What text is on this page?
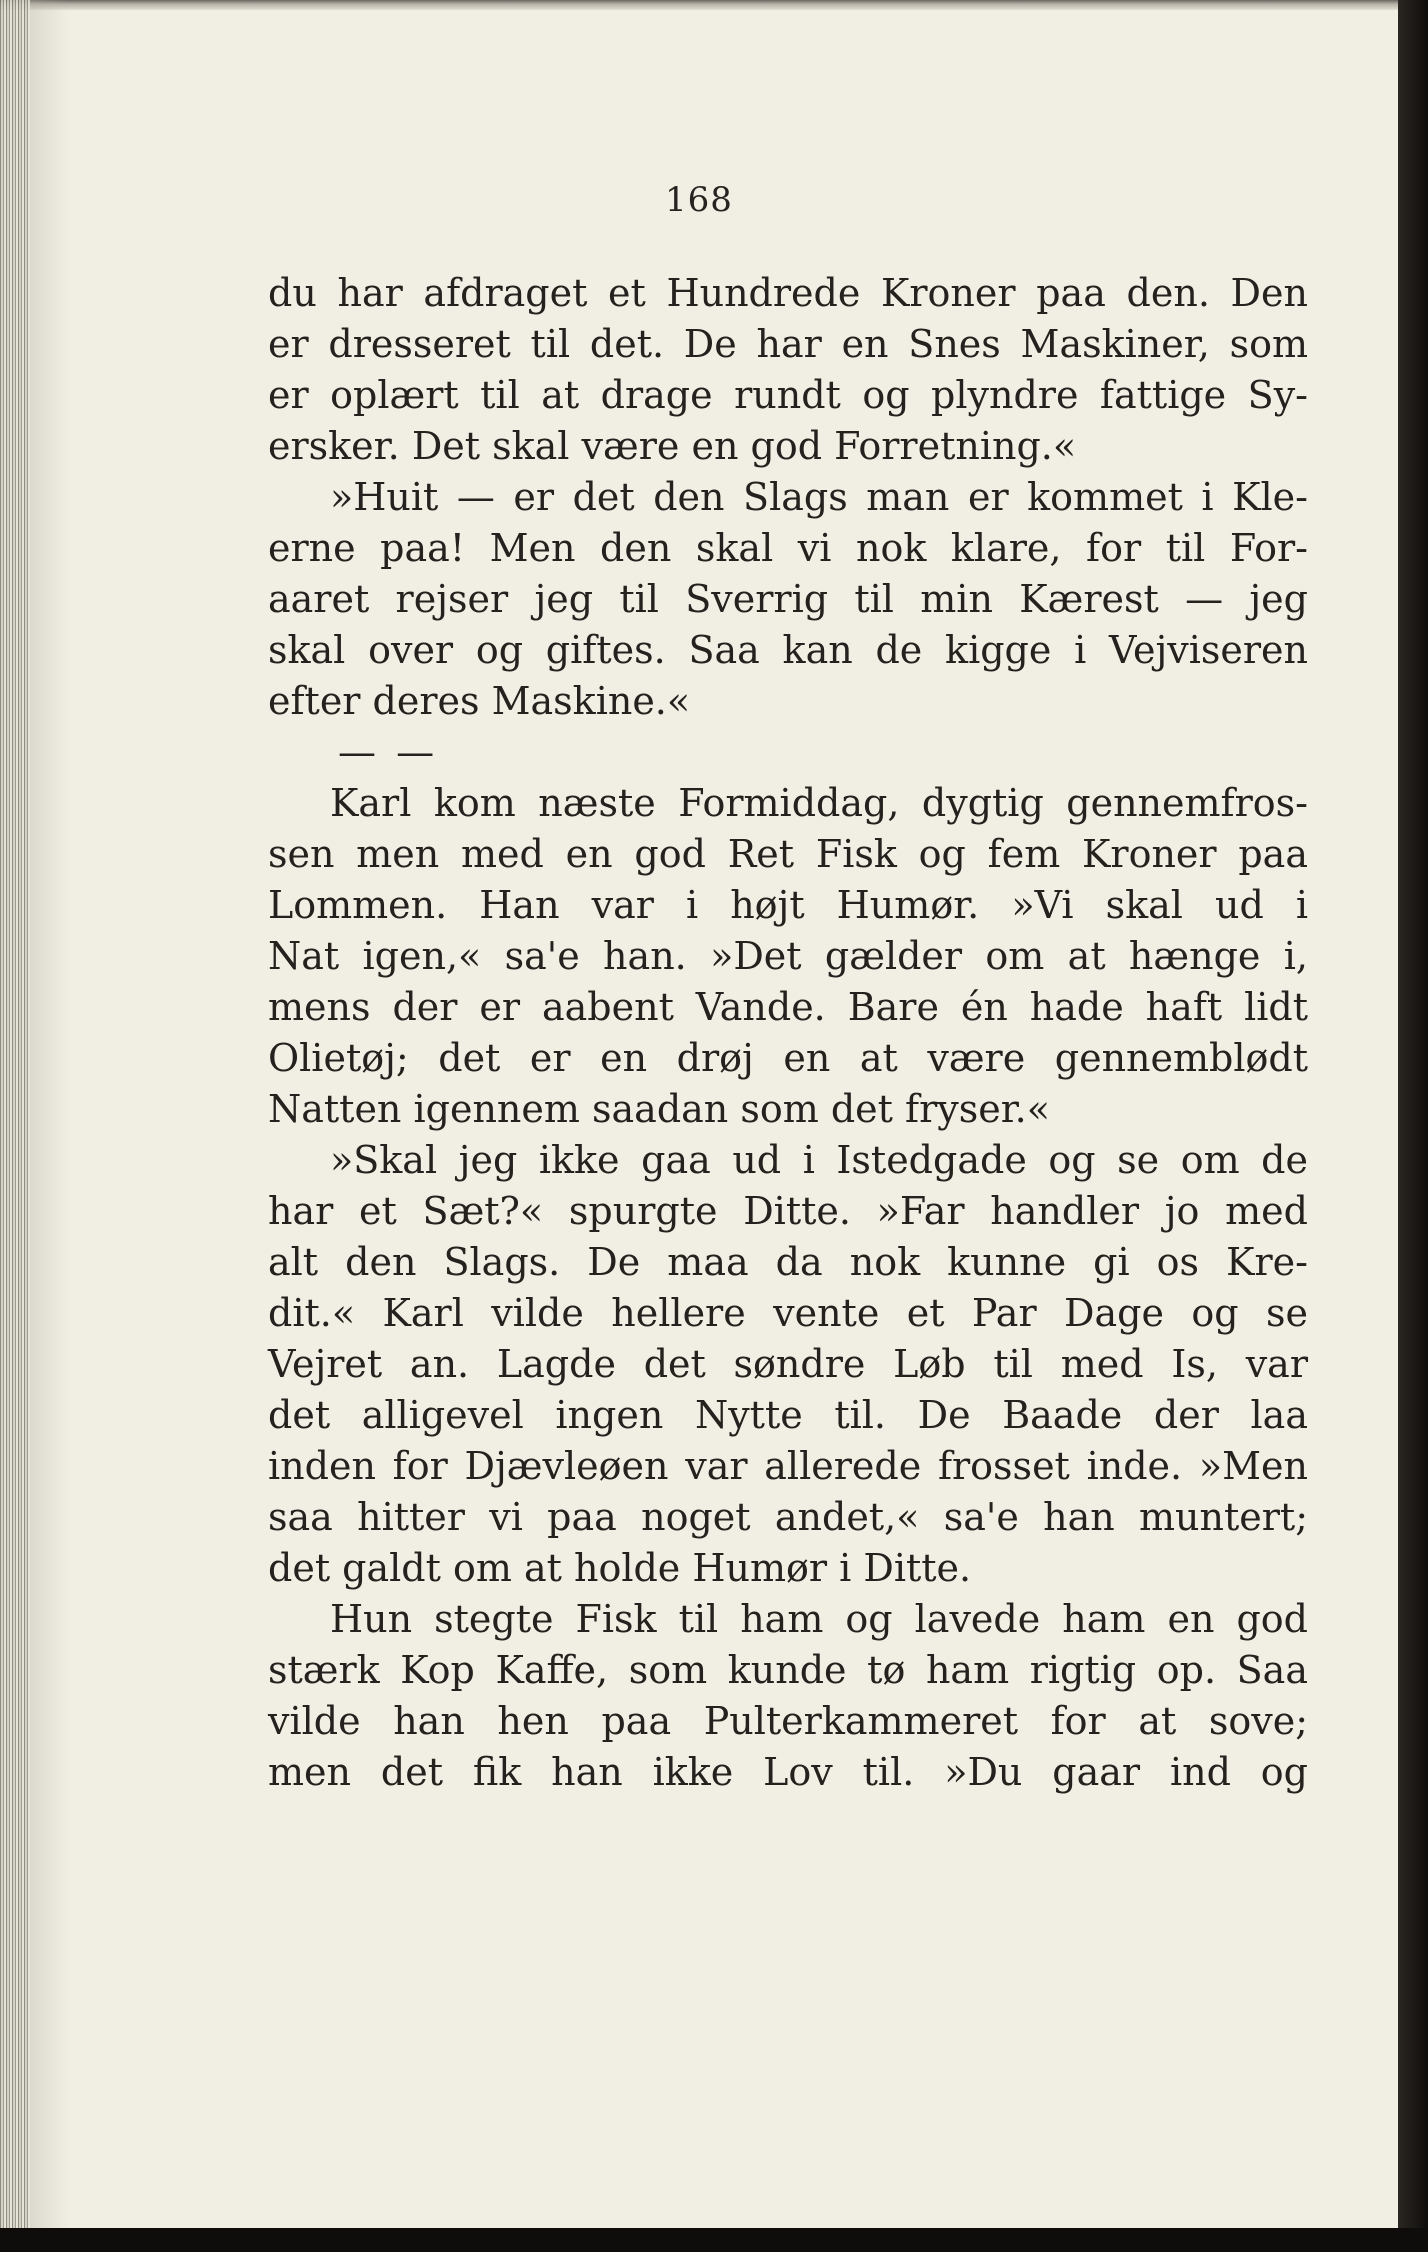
168
du har afdraget et Hundrede Kroner paa den. Den
er dresseret til det. De har en Snes Maskiner, som
er oplært til at drage rundt og plyndre fattige Sy-
ersker. Det skal være en god Forretning.«
»Huit — er det den Slags man er kommet i Kle-
erne paa! Men den skal vi nok klare, for til For-
aaret rejser jeg til Sverrig til min Kærest — jeg
skal over og giftes. Saa kan de kigge i Vejviseren
efter deres Maskine.«
— —
Karl kom næste Formiddag, dygtig gennemfros-
sen men med en god Ret Fisk og fem Kroner paa
Lommen. Han var i højt Humør. »Vi skal ud i
Nat igen,« sa'e han. »Det gælder om at hænge i,
mens der er aabent Vande. Bare én hade haft lidt
Olietøj; det er en drøj en at være gennemblødt
Natten igennem saadan som det fryser.«
»Skal jeg ikke gaa ud i Istedgade og se om de
har et Sæt?« spurgte Ditte. »Far handler jo med
alt den Slags. De maa da nok kunne gi os Kre-
dit.« Karl vilde hellere vente et Par Dage og se
Vejret an. Lagde det søndre Løb til med Is, var
det alligevel ingen Nytte til. De Baade der laa
inden for Djævleøen var allerede frosset inde. »Men
saa hitter vi paa noget andet,« sa'e han muntert;
det galdt om at holde Humør i Ditte.
Hun stegte Fisk til ham og lavede ham en god
stærk Kop Kaffe, som kunde tø ham rigtig op. Saa
vilde han hen paa Pulterkammeret for at sove;
men det fik han ikke Lov til. »Du gaar ind og
